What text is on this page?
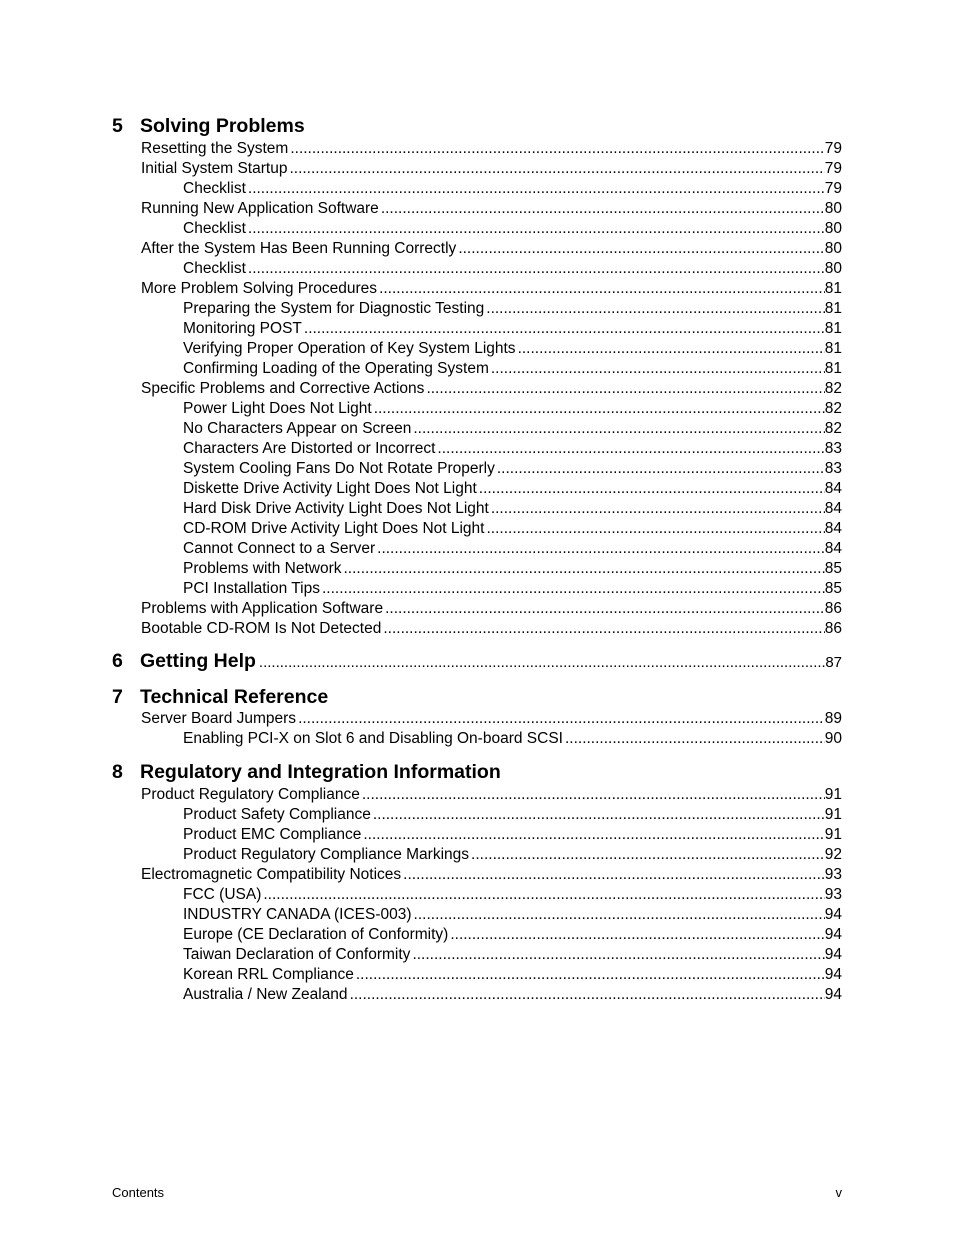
5 Solving Problems
Resetting the System .....	79
Initial System Startup .....	79
Checklist .....	79
Running New Application Software .....	80
Checklist .....	80
After the System Has Been Running Correctly .....	80
Checklist .....	80
More Problem Solving Procedures .....	81
Preparing the System for Diagnostic Testing .....	81
Monitoring POST .....	81
Verifying Proper Operation of Key System Lights .....	81
Confirming Loading of the Operating System .....	81
Specific Problems and Corrective Actions .....	82
Power Light Does Not Light .....	82
No Characters Appear on Screen .....	82
Characters Are Distorted or Incorrect .....	83
System Cooling Fans Do Not Rotate Properly .....	83
Diskette Drive Activity Light Does Not Light .....	84
Hard Disk Drive Activity Light Does Not Light .....	84
CD-ROM Drive Activity Light Does Not Light .....	84
Cannot Connect to a Server .....	84
Problems with Network .....	85
PCI Installation Tips .....	85
Problems with Application Software .....	86
Bootable CD-ROM Is Not Detected .....	86
6 Getting Help .....	87
7 Technical Reference
Server Board Jumpers .....	89
Enabling PCI-X on Slot 6 and Disabling On-board SCSI .....	90
8 Regulatory and Integration Information
Product Regulatory Compliance .....	91
Product Safety Compliance .....	91
Product EMC Compliance .....	91
Product Regulatory Compliance Markings .....	92
Electromagnetic Compatibility Notices .....	93
FCC (USA) .....	93
INDUSTRY CANADA (ICES-003) .....	94
Europe (CE Declaration of Conformity) .....	94
Taiwan Declaration of Conformity .....	94
Korean RRL Compliance .....	94
Australia / New Zealand .....	94
Contents	v
